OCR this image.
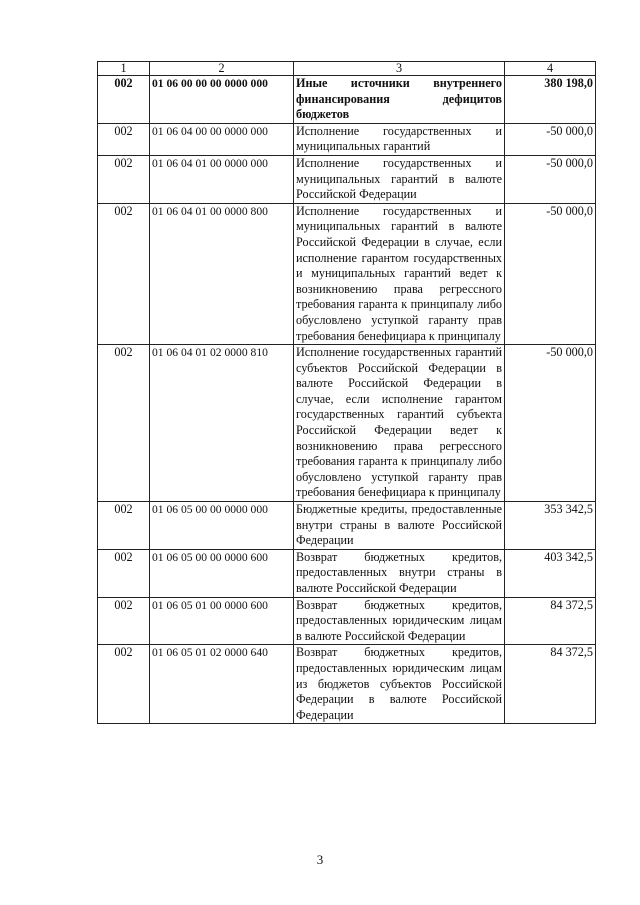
1	2	3	4
002	01 06 00 00 00 0000 000	Иные источники внутреннего финансирования дефицитов бюджетов	380 198,0
002	01 06 04 00 00 0000 000	Исполнение государственных и муниципальных гарантий	-50 000,0
002	01 06 04 01 00 0000 000	Исполнение государственных и муниципальных гарантий в валюте Российской Федерации	-50 000,0
002	01 06 04 01 00 0000 800	Исполнение государственных и муниципальных гарантий в валюте Российской Федерации в случае, если исполнение гарантом государственных и муниципальных гарантий ведет к возникновению права регрессного требования гаранта к принципалу либо обусловлено уступкой гаранту прав требования бенефициара к принципалу	-50 000,0
002	01 06 04 01 02 0000 810	Исполнение государственных гарантий субъектов Российской Федерации в валюте Российской Федерации в случае, если исполнение гарантом государственных гарантий субъекта Российской Федерации ведет к возникновению права регрессного требования гаранта к принципалу либо обусловлено уступкой гаранту прав требования бенефициара к принципалу	-50 000,0
002	01 06 05 00 00 0000 000	Бюджетные кредиты, предоставленные внутри страны в валюте Российской Федерации	353 342,5
002	01 06 05 00 00 0000 600	Возврат бюджетных кредитов, предоставленных внутри страны в валюте Российской Федерации	403 342,5
002	01 06 05 01 00 0000 600	Возврат бюджетных кредитов, предоставленных юридическим лицам в валюте Российской Федерации	84 372,5
002	01 06 05 01 02 0000 640	Возврат бюджетных кредитов, предоставленных юридическим лицам из бюджетов субъектов Российской Федерации в валюте Российской Федерации	84 372,5
3
